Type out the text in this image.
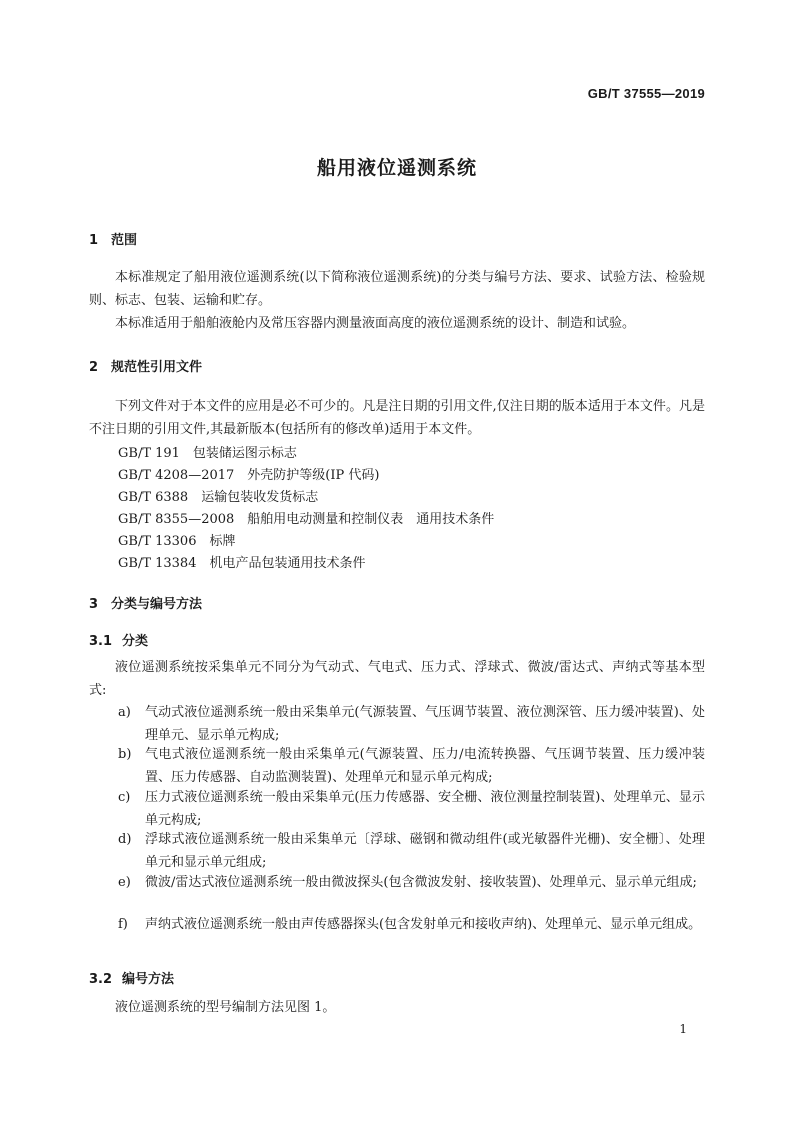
GB/T 37555—2019
船用液位遥测系统
1 范围
本标准规定了船用液位遥测系统(以下简称液位遥测系统)的分类与编号方法、要求、试验方法、检验规则、标志、包装、运输和贮存。
本标准适用于船舶液舱内及常压容器内测量液面高度的液位遥测系统的设计、制造和试验。
2 规范性引用文件
下列文件对于本文件的应用是必不可少的。凡是注日期的引用文件,仅注日期的版本适用于本文件。凡是不注日期的引用文件,其最新版本(包括所有的修改单)适用于本文件。
GB/T 191　包装储运图示标志
GB/T 4208—2017　外壳防护等级(IP 代码)
GB/T 6388　运输包装收发货标志
GB/T 8355—2008　船舶用电动测量和控制仪表　通用技术条件
GB/T 13306　标牌
GB/T 13384　机电产品包装通用技术条件
3 分类与编号方法
3.1 分类
液位遥测系统按采集单元不同分为气动式、气电式、压力式、浮球式、微波/雷达式、声纳式等基本型式:
a) 气动式液位遥测系统一般由采集单元(气源装置、气压调节装置、液位测深管、压力缓冲装置)、处理单元、显示单元构成;
b) 气电式液位遥测系统一般由采集单元(气源装置、压力/电流转换器、气压调节装置、压力缓冲装置、压力传感器、自动监测装置)、处理单元和显示单元构成;
c) 压力式液位遥测系统一般由采集单元(压力传感器、安全栅、液位测量控制装置)、处理单元、显示单元构成;
d) 浮球式液位遥测系统一般由采集单元〔浮球、磁钢和微动组件(或光敏器件光栅)、安全栅〕、处理单元和显示单元组成;
e) 微波/雷达式液位遥测系统一般由微波探头(包含微波发射、接收装置)、处理单元、显示单元组成;
f) 声纳式液位遥测系统一般由声传感器探头(包含发射单元和接收声纳)、处理单元、显示单元组成。
3.2 编号方法
液位遥测系统的型号编制方法见图 1。
1
